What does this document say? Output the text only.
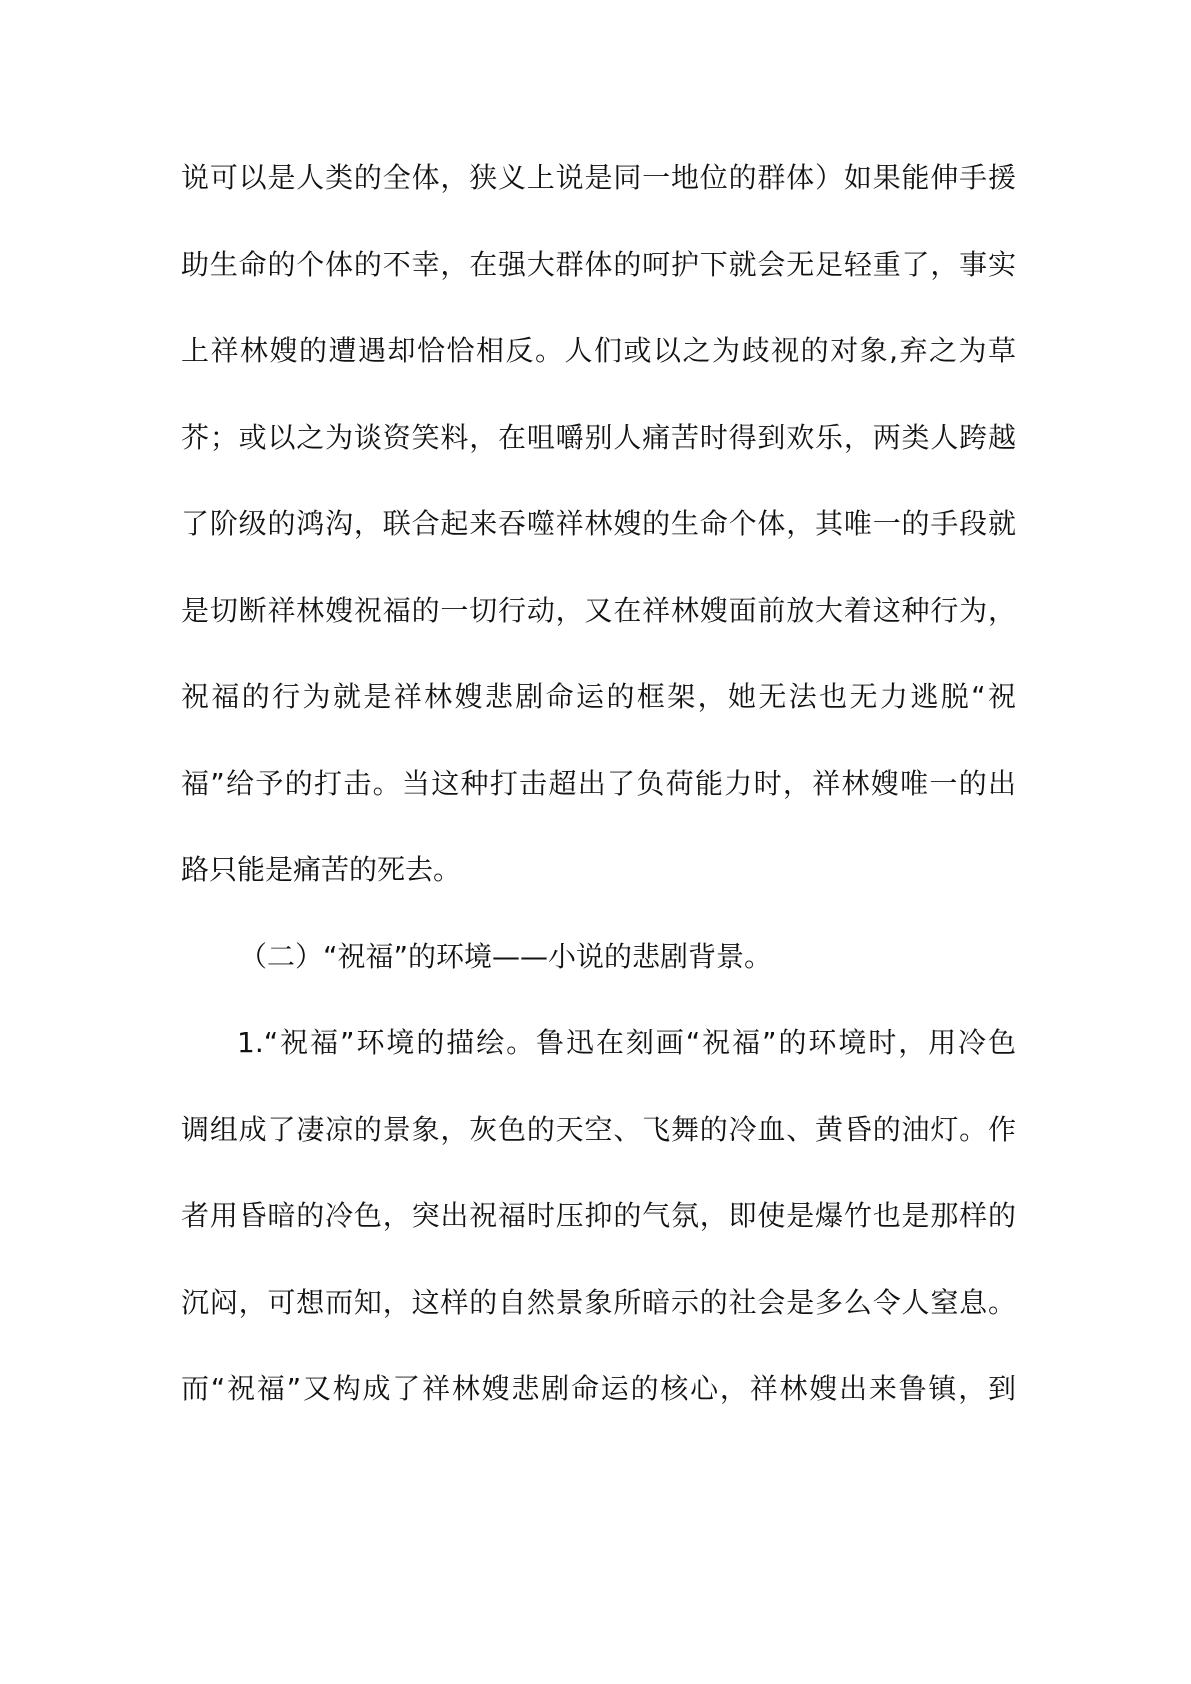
说可以是人类的全体，狭义上说是同一地位的群体）如果能伸手援
助生命的个体的不幸，在强大群体的呵护下就会无足轻重了，事实
上祥林嫂的遭遇却恰恰相反。人们或以之为歧视的对象,弃之为草
芥；或以之为谈资笑料，在咀嚼别人痛苦时得到欢乐，两类人跨越
了阶级的鸿沟，联合起来吞噬祥林嫂的生命个体，其唯一的手段就
是切断祥林嫂祝福的一切行动，又在祥林嫂面前放大着这种行为，
祝福的行为就是祥林嫂悲剧命运的框架，她无法也无力逃脱“祝
福”给予的打击。当这种打击超出了负荷能力时，祥林嫂唯一的出
路只能是痛苦的死去。
（二）“祝福”的环境——小说的悲剧背景。
1.“祝福”环境的描绘。鲁迅在刻画“祝福”的环境时，用冷色
调组成了凄凉的景象，灰色的天空、飞舞的冷血、黄昏的油灯。作
者用昏暗的冷色，突出祝福时压抑的气氛，即使是爆竹也是那样的
沉闷，可想而知，这样的自然景象所暗示的社会是多么令人窒息。
而“祝福”又构成了祥林嫂悲剧命运的核心，祥林嫂出来鲁镇，到
